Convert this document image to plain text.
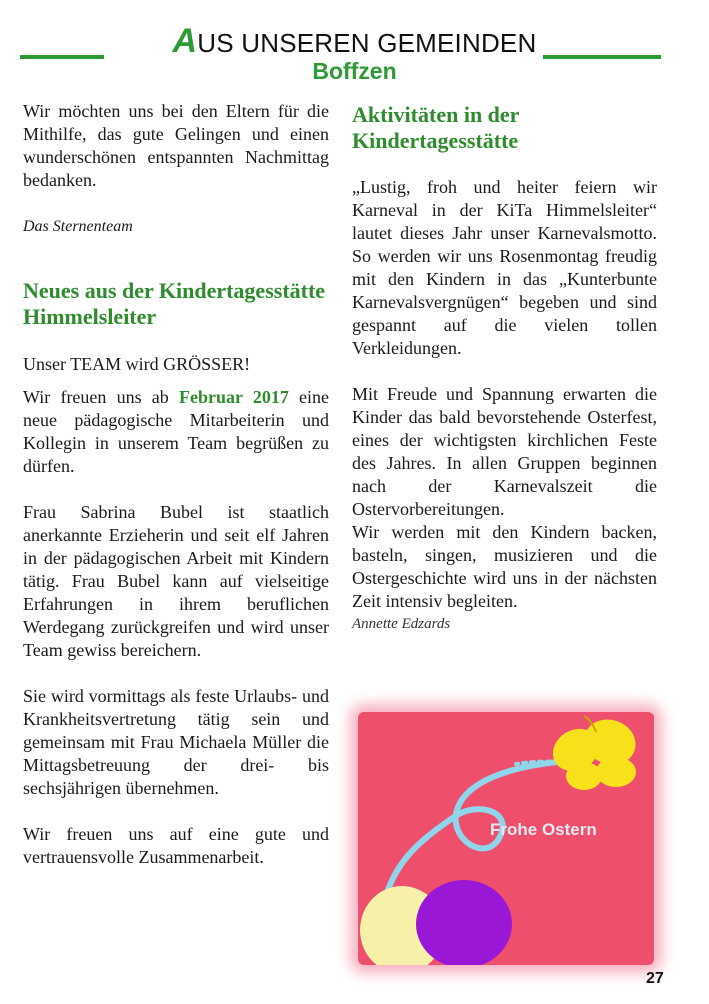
AUS UNSEREN GEMEINDEN
Boffzen

Wir möchten uns bei den Eltern für die Mithilfe, das gute Gelingen und einen wunderschönen entspannten Nachmittag bedanken.

Das Sternenteam

Neues aus der Kindertagesstätte Himmelsleiter

Unser TEAM wird GRÖSSER!

Wir freuen uns ab Februar 2017 eine neue pädagogische Mitarbeiterin und Kollegin in unserem Team begrüßen zu dürfen.

Frau Sabrina Bubel ist staatlich anerkannte Erzieherin und seit elf Jahren in der pädagogischen Arbeit mit Kindern tätig. Frau Bubel kann auf vielseitige Erfahrungen in ihrem beruflichen Werdegang zurückgreifen und wird unser Team gewiss bereichern.

Sie wird vormittags als feste Urlaubs- und Krankheitsvertretung tätig sein und gemeinsam mit Frau Michaela Müller die Mittagsbetreuung der drei- bis sechsjährigen übernehmen.

Wir freuen uns auf eine gute und vertrauensvolle Zusammenarbeit.

Aktivitäten in der Kindertagesstätte

„Lustig, froh und heiter feiern wir Karneval in der KiTa Himmelsleiter“ lautet dieses Jahr unser Karnevalsmotto. So werden wir uns Rosenmontag freudig mit den Kindern in das „Kunterbunte Karnevalsvergnügen“ begeben und sind gespannt auf die vielen tollen Verkleidungen.

Mit Freude und Spannung erwarten die Kinder das bald bevorstehende Osterfest, eines der wichtigsten kirchlichen Feste des Jahres. In allen Gruppen beginnen nach der Karnevalszeit die Ostervorbereitungen.

Wir werden mit den Kindern backen, basteln, singen, musizieren und die Ostergeschichte wird uns in der nächsten Zeit intensiv begleiten.

Annette Edzards

Frohe Ostern
27
